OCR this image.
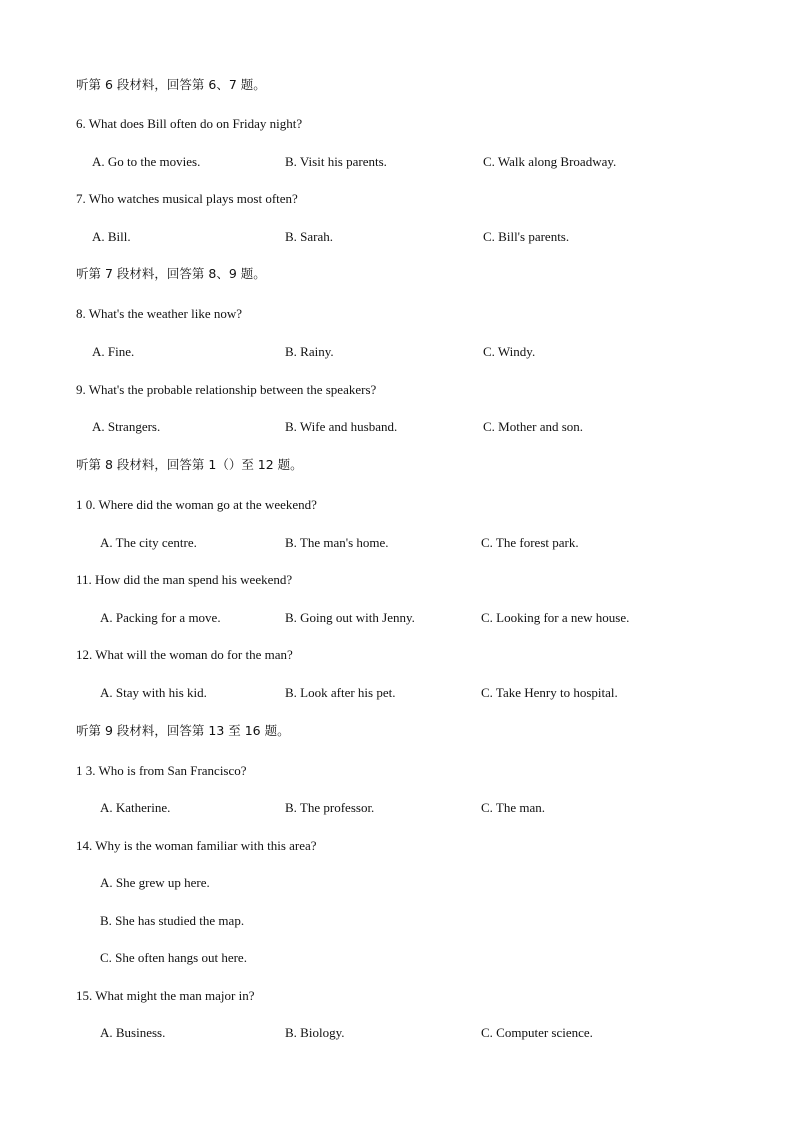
听第 6 段材料，回答第 6、7 题。
6. What does Bill often do on Friday night?
A. Go to the movies.	B. Visit his parents.	C. Walk along Broadway.
7. Who watches musical plays most often?
A. Bill.	B. Sarah.	C. Bill's parents.
听第 7 段材料，回答第 8、9 题。
8. What's the weather like now?
A. Fine.	B. Rainy.	C. Windy.
9. What's the probable relationship between the speakers?
A. Strangers.	B. Wife and husband.	C. Mother and son.
听第 8 段材料，回答第 1（）至 12 题。
1 0. Where did the woman go at the weekend?
A. The city centre.	B. The man's home.	C. The forest park.
11. How did the man spend his weekend?
A. Packing for a move.	B. Going out with Jenny.	C. Looking for a new house.
12. What will the woman do for the man?
A. Stay with his kid.	B. Look after his pet.	C. Take Henry to hospital.
听第 9 段材料，回答第 13 至 16 题。
1 3. Who is from San Francisco?
A. Katherine.	B. The professor.	C. The man.
14. Why is the woman familiar with this area?
A. She grew up here.
B. She has studied the map.
C. She often hangs out here.
15. What might the man major in?
A. Business.	B. Biology.	C. Computer science.
